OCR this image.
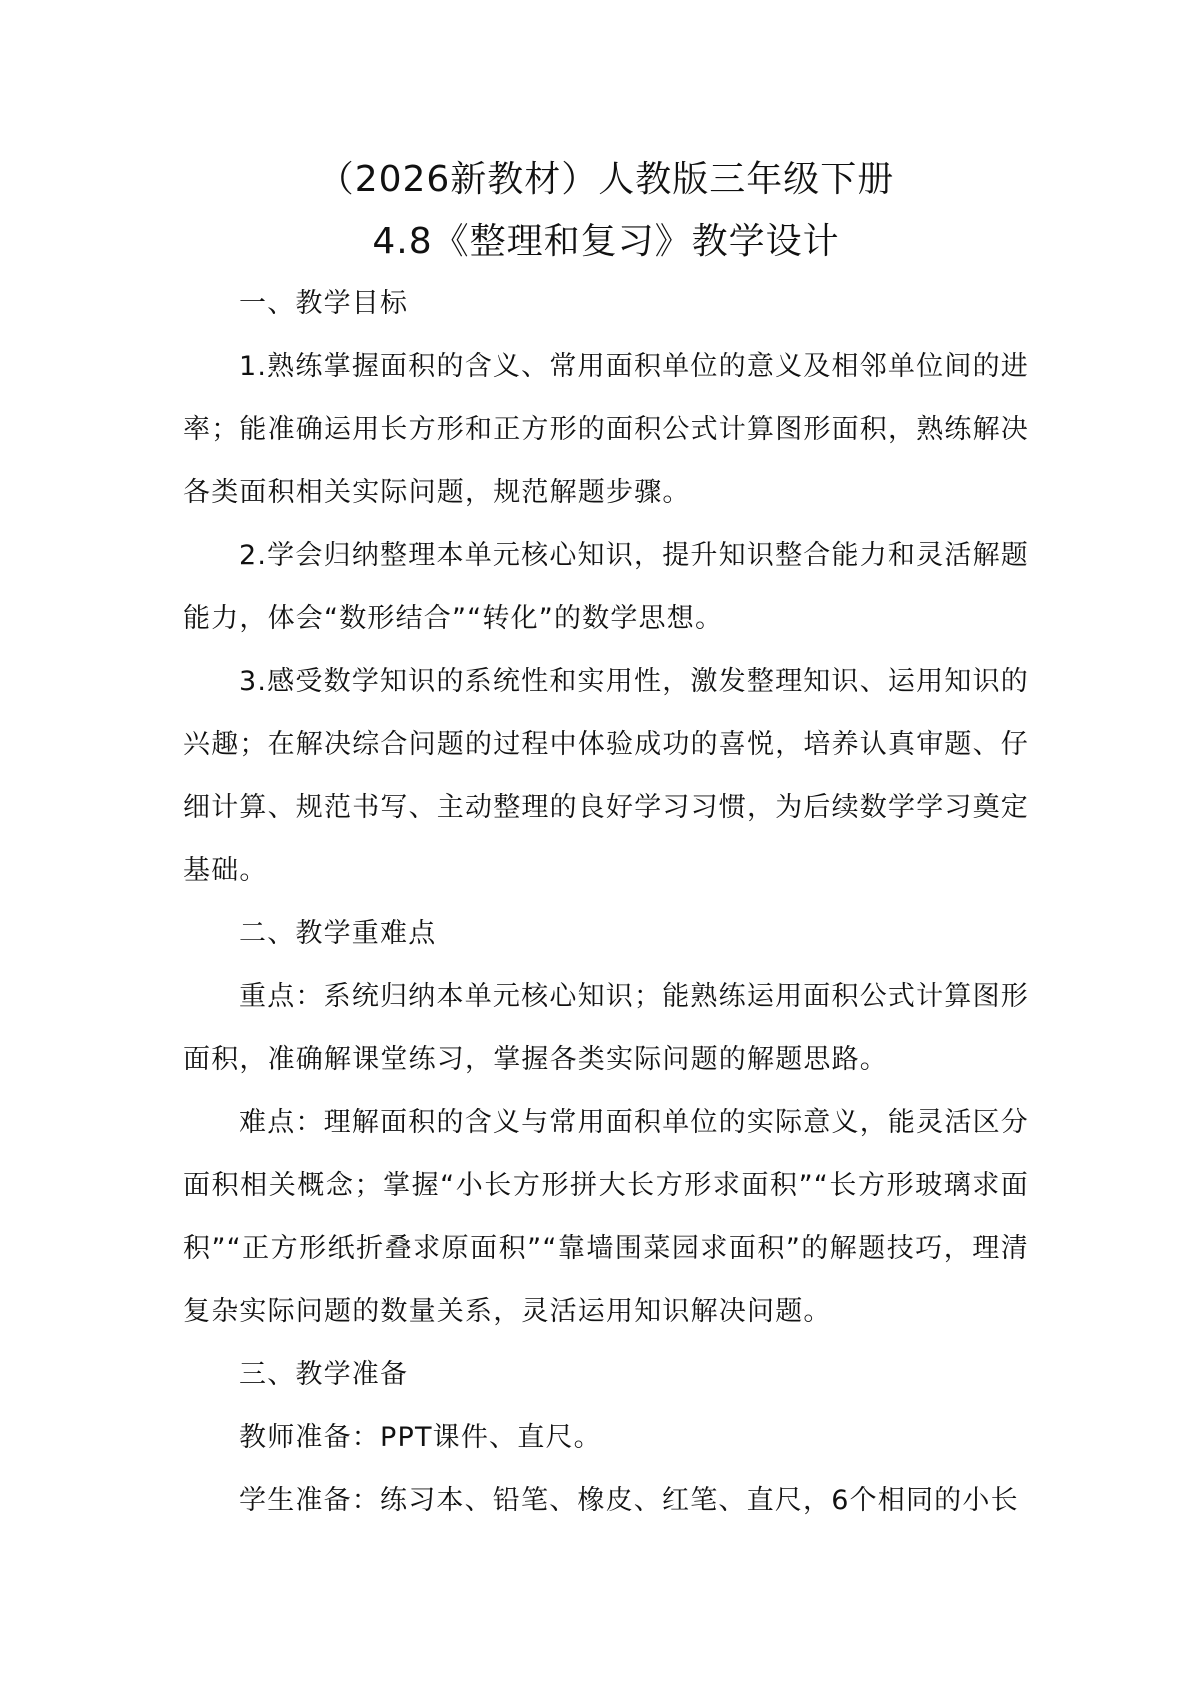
（2026新教材）人教版三年级下册
4.8《整理和复习》教学设计
一、教学目标

1.熟练掌握面积的含义、常用面积单位的意义及相邻单位间的进率；能准确运用长方形和正方形的面积公式计算图形面积，熟练解决各类面积相关实际问题，规范解题步骤。

2.学会归纳整理本单元核心知识，提升知识整合能力和灵活解题能力，体会“数形结合”“转化”的数学思想。

3.感受数学知识的系统性和实用性，激发整理知识、运用知识的兴趣；在解决综合问题的过程中体验成功的喜悦，培养认真审题、仔细计算、规范书写、主动整理的良好学习习惯，为后续数学学习奠定基础。

二、教学重难点

重点：系统归纳本单元核心知识；能熟练运用面积公式计算图形面积，准确解课堂练习，掌握各类实际问题的解题思路。

难点：理解面积的含义与常用面积单位的实际意义，能灵活区分面积相关概念；掌握“小长方形拼大长方形求面积”“长方形玻璃求面积”“正方形纸折叠求原面积”“靠墙围菜园求面积”的解题技巧，理清复杂实际问题的数量关系，灵活运用知识解决问题。

三、教学准备

教师准备：PPT课件、直尺。

学生准备：练习本、铅笔、橡皮、红笔、直尺，6个相同的小长
